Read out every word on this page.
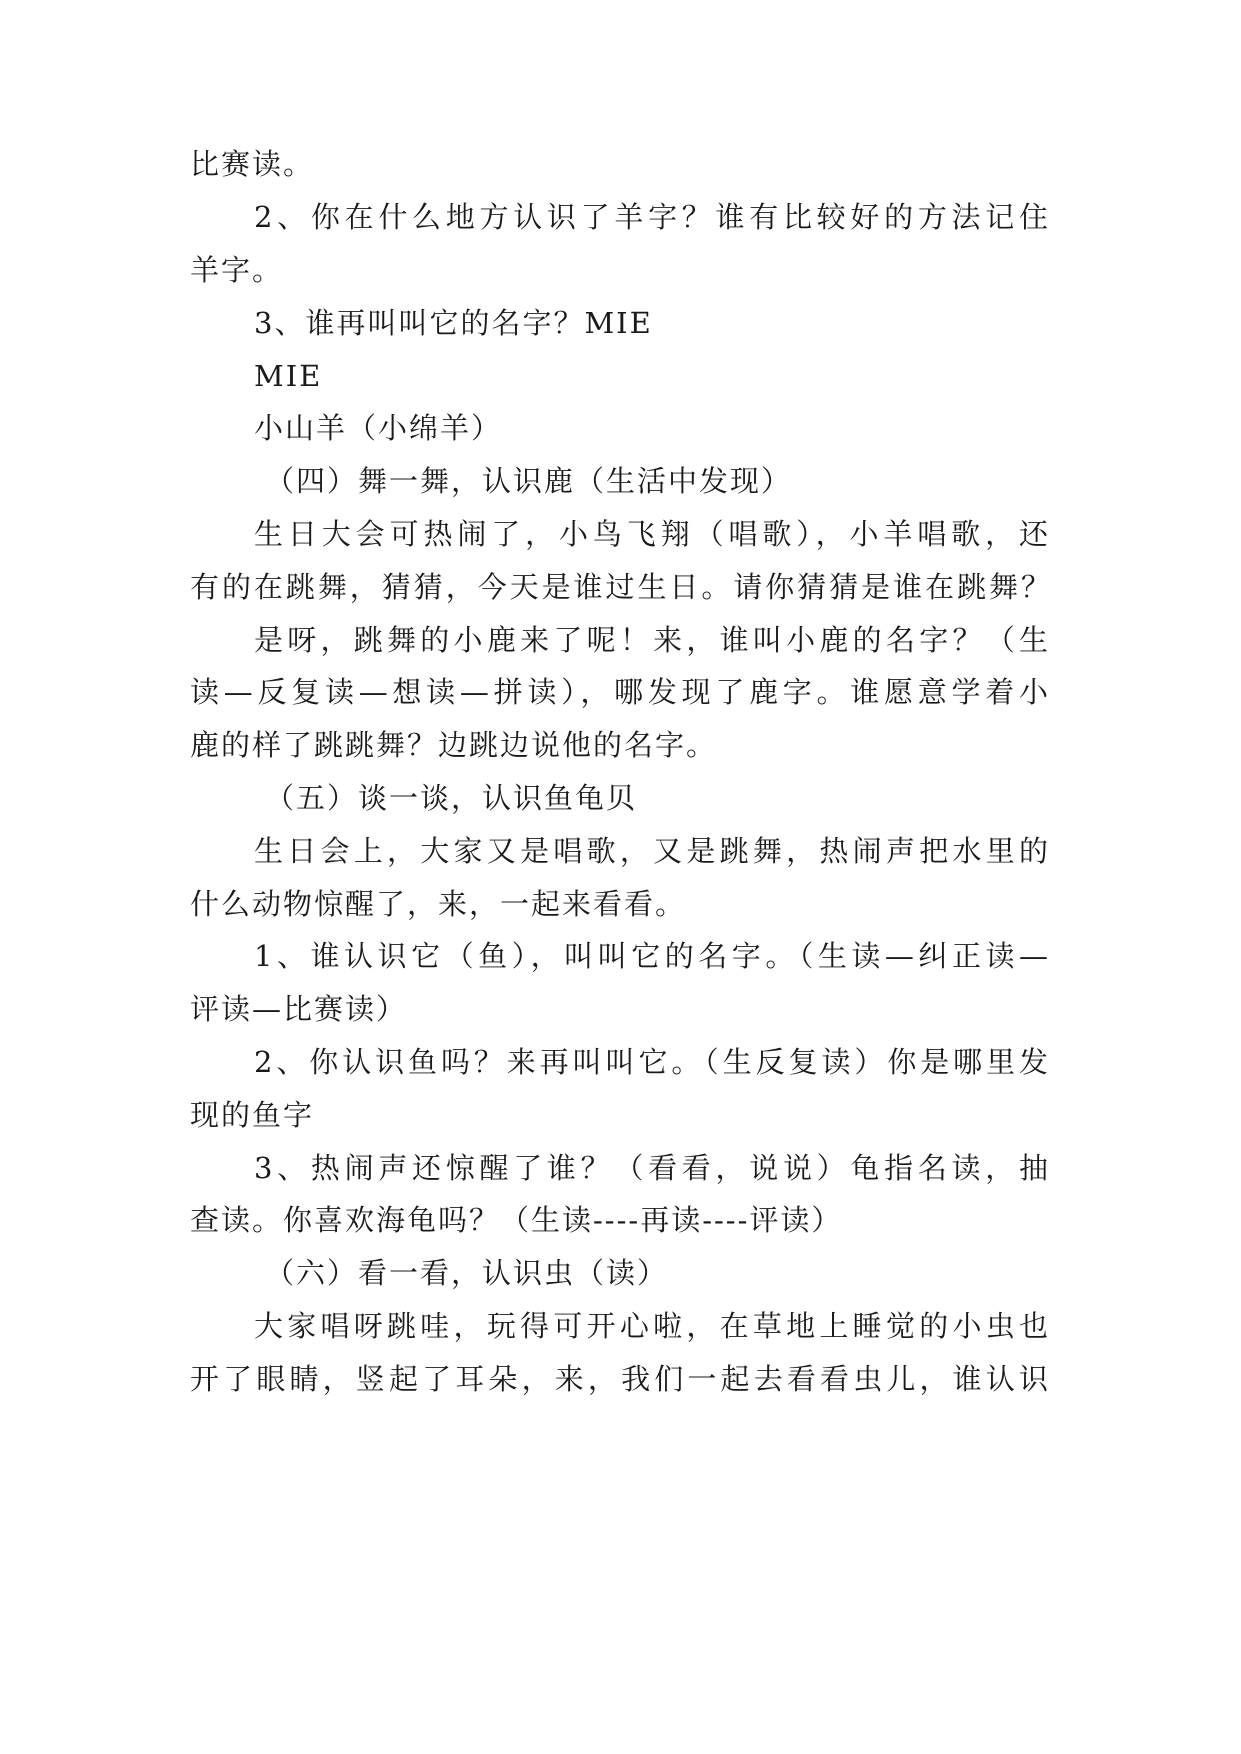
比赛读。
2、你在什么地方认识了羊字？谁有比较好的方法记住
羊字。
3、谁再叫叫它的名字？MIE
MIE
小山羊（小绵羊）
（四）舞一舞，认识鹿（生活中发现）
生日大会可热闹了，小鸟飞翔（唱歌），小羊唱歌，还
有的在跳舞，猜猜，今天是谁过生日。请你猜猜是谁在跳舞？
是呀，跳舞的小鹿来了呢！来，谁叫小鹿的名字？（生
读—反复读—想读—拼读），哪发现了鹿字。谁愿意学着小
鹿的样了跳跳舞？边跳边说他的名字。
（五）谈一谈，认识鱼龟贝
生日会上，大家又是唱歌，又是跳舞，热闹声把水里的
什么动物惊醒了，来，一起来看看。
1、谁认识它（鱼），叫叫它的名字。（生读—纠正读—
评读—比赛读）
2、你认识鱼吗？来再叫叫它。（生反复读）你是哪里发
现的鱼字
3、热闹声还惊醒了谁？（看看，说说）龟指名读，抽
查读。你喜欢海龟吗？（生读----再读----评读）
（六）看一看，认识虫（读）
大家唱呀跳哇，玩得可开心啦，在草地上睡觉的小虫也
开了眼睛，竖起了耳朵，来，我们一起去看看虫儿，谁认识
